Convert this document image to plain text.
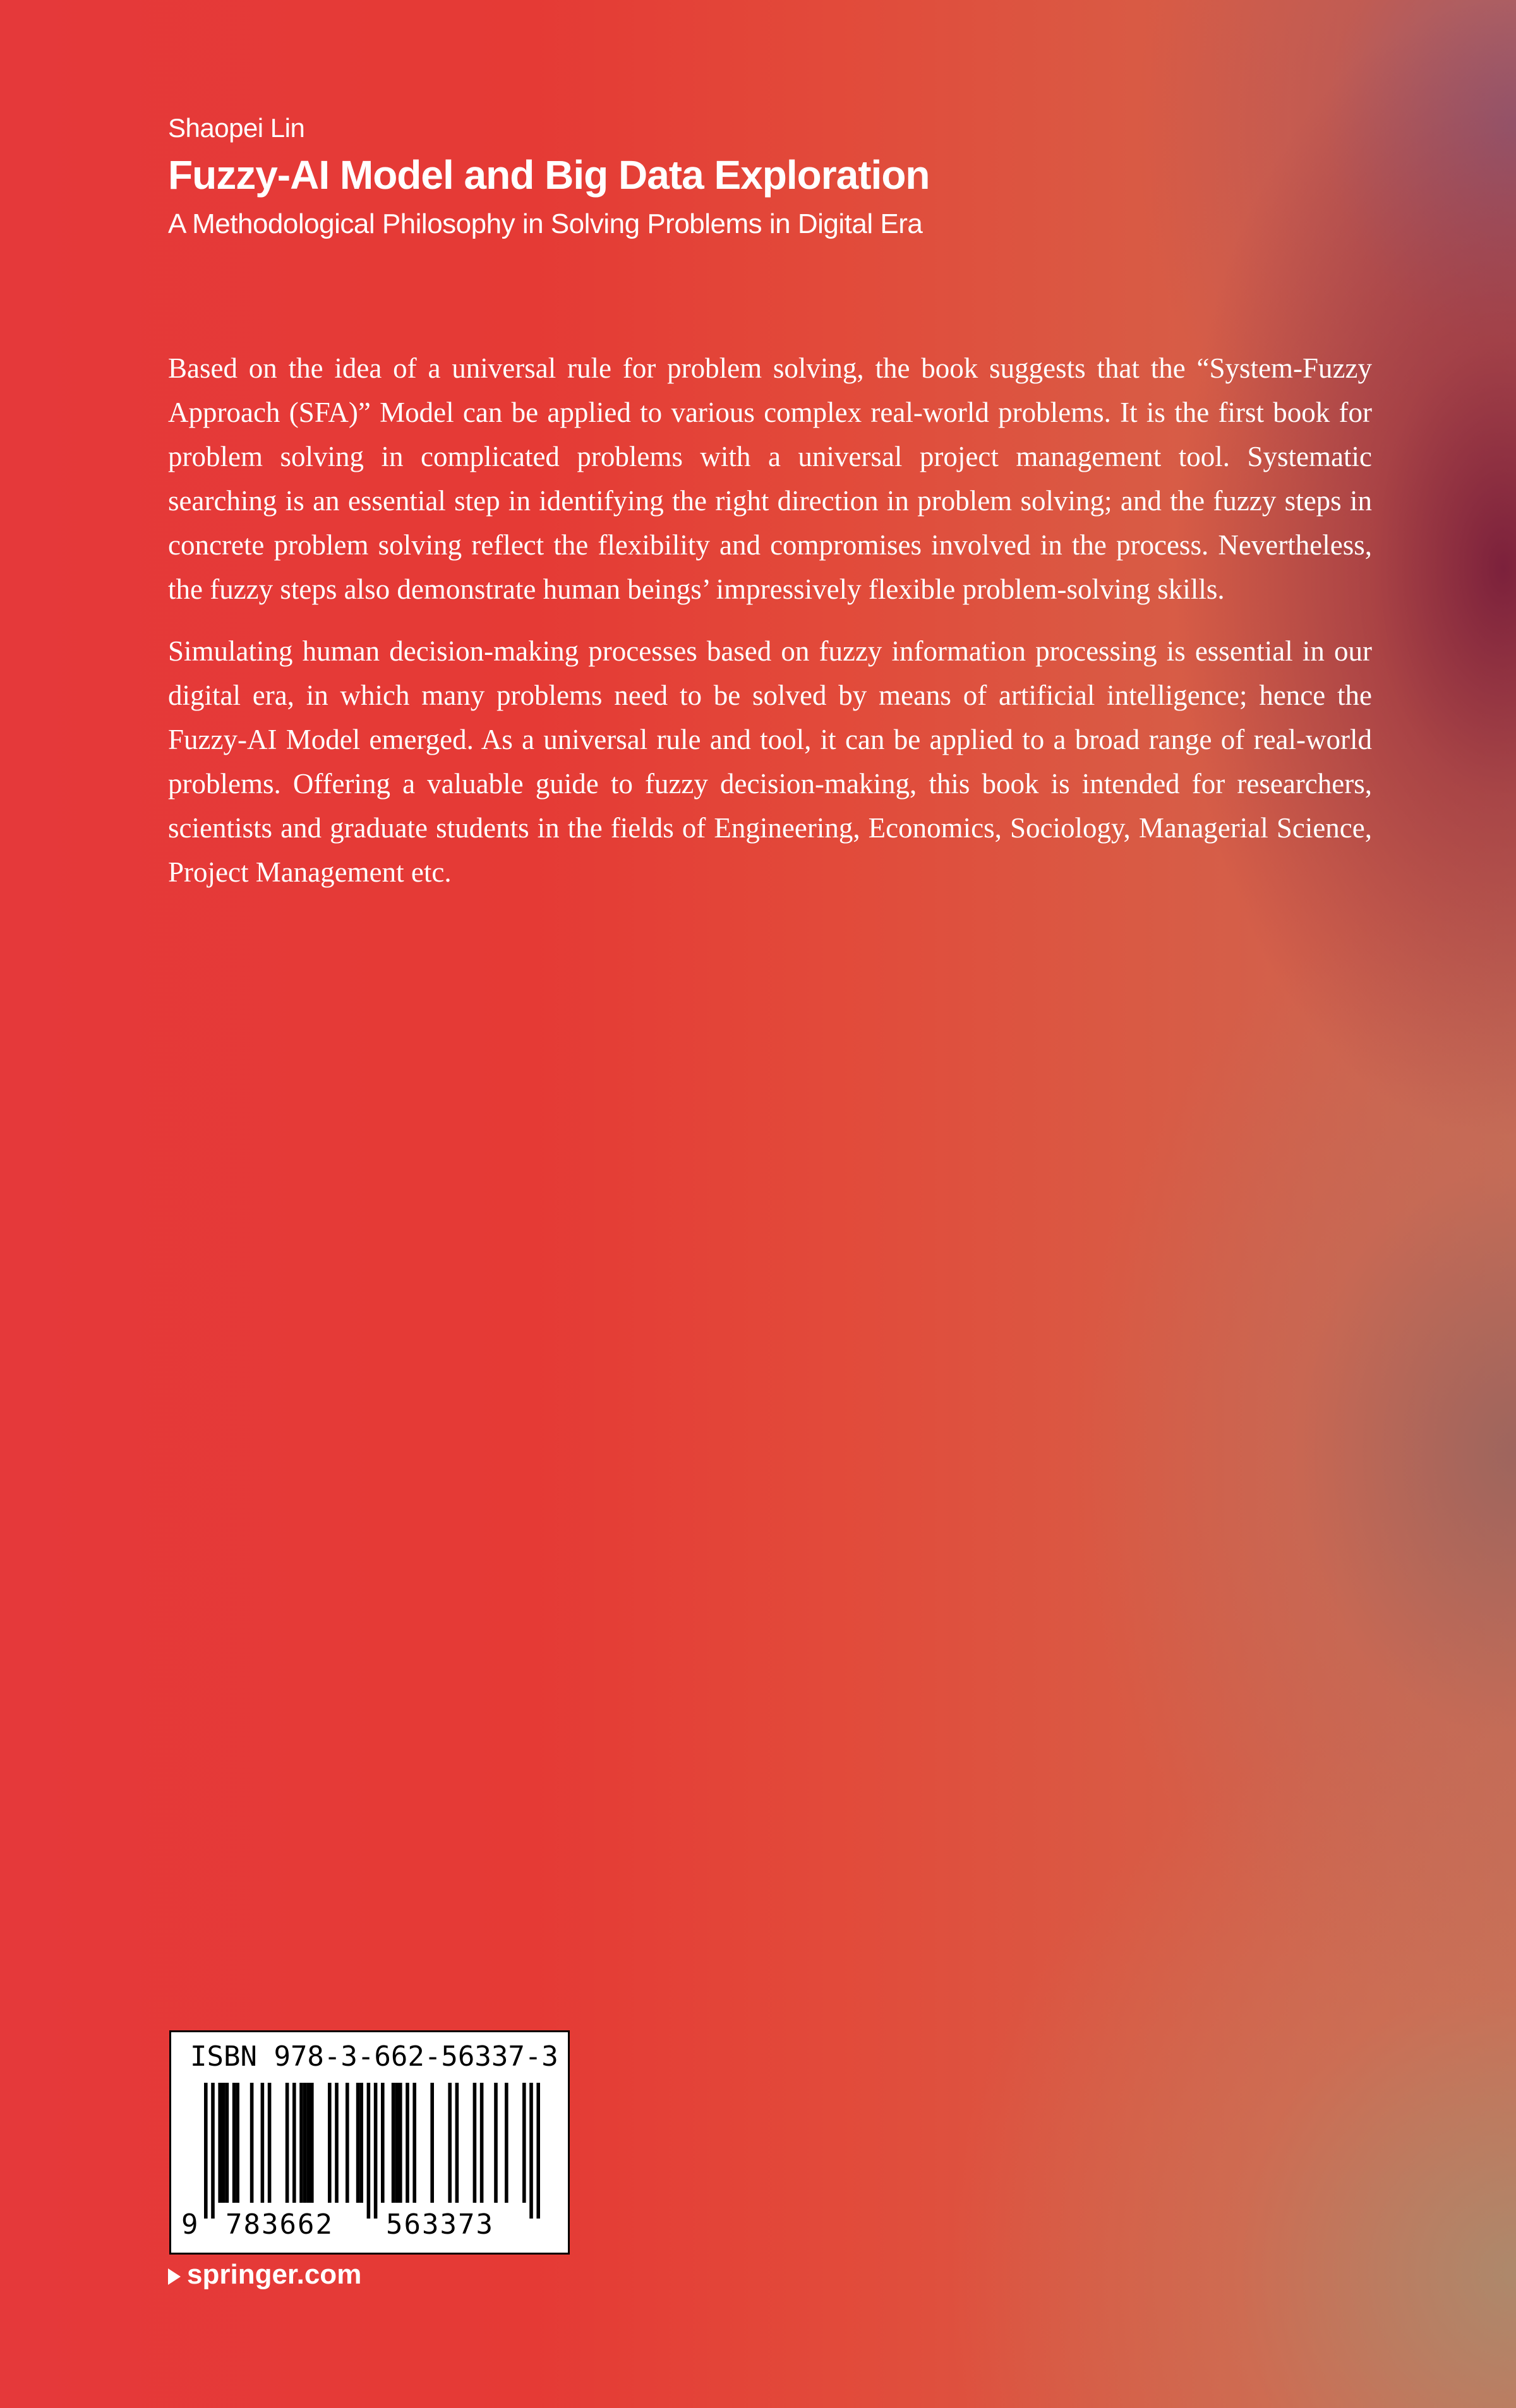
Shaopei Lin
Fuzzy-AI Model and Big Data Exploration
A Methodological Philosophy in Solving Problems in Digital Era

Based on the idea of a universal rule for problem solving, the book suggests that the “System-Fuzzy Approach (SFA)” Model can be applied to various complex real-world problems. It is the first book for problem solving in complicated problems with a universal project management tool. Systematic searching is an essential step in identifying the right direction in problem solving; and the fuzzy steps in concrete problem solving reflect the flexibility and compromises involved in the process. Nevertheless, the fuzzy steps also demonstrate human beings’ impressively flexible problem-solving skills.

Simulating human decision-making processes based on fuzzy information processing is essential in our digital era, in which many problems need to be solved by means of artificial intelligence; hence the Fuzzy-AI Model emerged. As a universal rule and tool, it can be applied to a broad range of real-world problems. Offering a valuable guide to fuzzy decision-making, this book is intended for researchers, scientists and graduate students in the fields of Engineering, Economics, Sociology, Managerial Science, Project Management etc.

ISBN 978-3-662-56337-3
9 783662 563373
springer.com
